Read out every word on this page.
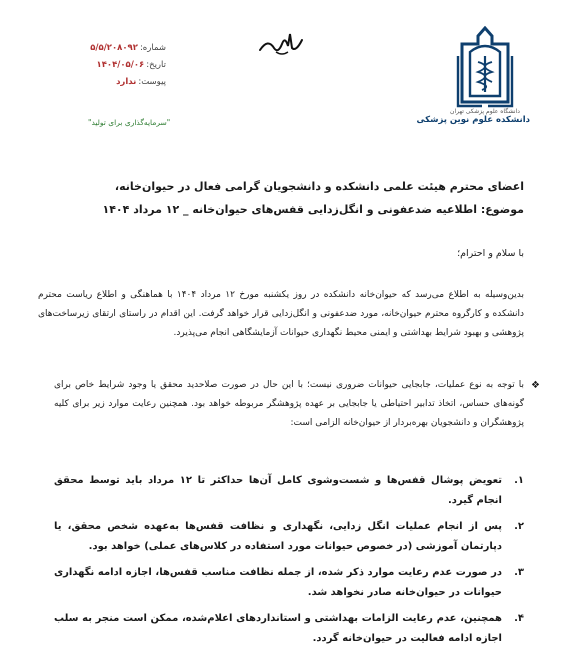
شماره:
۵/۵/۲۰۸۰۹۲
تاریخ:
۱۴۰۴/۰۵/۰۶
پیوست:
ندارد
"سرمایه‌گذاری برای تولید"
دانشگاه علوم پزشکی تهران
دانشکده علوم نوین پزشکی
اعضای محترم هیئت علمی دانشکده و دانشجویان گرامی فعال در حیوان‌خانه،
موضوع: اطلاعیه ضدعفونی و انگل‌زدایی قفس‌های حیوان‌خانه _ ۱۲ مرداد ۱۴۰۴
با سلام و احترام؛
بدین‌وسیله به اطلاع می‌رسد که حیوان‌خانه دانشکده در روز یکشنبه مورخ ۱۲ مرداد ۱۴۰۴ با هماهنگی و اطلاع ریاست محترم دانشکده و کارگروه محترم حیوان‌خانه، مورد ضدعفونی و انگل‌زدایی قرار خواهد گرفت. این اقدام در راستای ارتقای زیرساخت‌های پژوهشی و بهبود شرایط بهداشتی و ایمنی محیط نگهداری حیوانات آزمایشگاهی انجام می‌پذیرد.
❖
با توجه به نوع عملیات، جابجایی حیوانات ضروری نیست؛ با این حال در صورت صلاحدید محقق یا وجود شرایط خاص برای گونه‌های حساس، اتخاذ تدابیر احتیاطی یا جابجایی بر عهده پژوهشگر مربوطه خواهد بود. همچنین رعایت موارد زیر برای کلیه پژوهشگران و دانشجویان بهره‌بردار از حیوان‌خانه الزامی است:
۱.
تعویض پوشال قفس‌ها و شست‌وشوی کامل آن‌ها حداکثر تا ۱۲ مرداد باید توسط محقق انجام گیرد.
۲.
پس از انجام عملیات انگل زدایی، نگهداری و نظافت قفس‌ها به‌عهده شخص محقق، یا دپارتمان آموزشی (در خصوص حیوانات مورد استفاده در کلاس‌های عملی) خواهد بود.
۳.
در صورت عدم رعایت موارد ذکر شده، از جمله نظافت مناسب قفس‌ها، اجازه ادامه نگهداری حیوانات در حیوان‌خانه صادر نخواهد شد.
۴.
همچنین، عدم رعایت الزامات بهداشتی و استانداردهای اعلام‌شده، ممکن است منجر به سلب اجازه ادامه فعالیت در حیوان‌خانه گردد.
